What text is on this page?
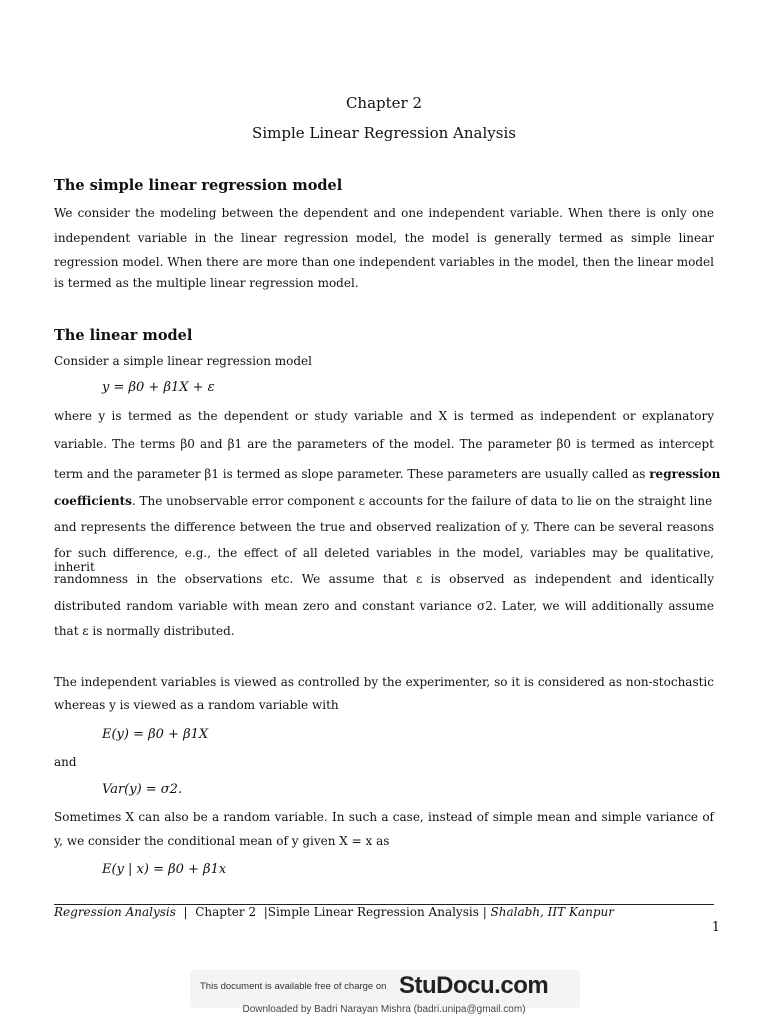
Chapter 2
Simple Linear Regression Analysis
The simple linear regression model
We consider the modeling between the dependent and one independent variable. When there is only one independent variable in the linear regression model, the model is generally termed as simple linear regression model. When there are more than one independent variables in the model, then the linear model
is termed as the multiple linear regression model.
The linear model
Consider a simple linear regression model
y = β0 + β1X + ε
where y is termed as the dependent or study variable and X is termed as independent or explanatory
variable. The terms β0 and β1 are the parameters of the model. The parameter β0 is termed as intercept
term and the parameter β1 is termed as slope parameter. These parameters are usually called as regression
coefficients. The unobservable error component ε accounts for the failure of data to lie on the straight line
and represents the difference between the true and observed realization of y. There can be several reasons
for such difference, e.g., the effect of all deleted variables in the model, variables may be qualitative, inherit
randomness in the observations etc. We assume that ε is observed as independent and identically
distributed random variable with mean zero and constant variance σ2. Later, we will additionally assume
that ε is normally distributed.
The independent variables is viewed as controlled by the experimenter, so it is considered as non-stochastic
whereas y is viewed as a random variable with
E(y) = β0 + β1X
and
Var(y) = σ2.
Sometimes X can also be a random variable. In such a case, instead of simple mean and simple variance of
y, we consider the conditional mean of y given X = x as
E(y | x) = β0 + β1x
Regression Analysis  |  Chapter 2  |Simple Linear Regression Analysis | Shalabh, IIT Kanpur
1
This document is available free of charge on StuDocu.com
Downloaded by Badri Narayan Mishra (badri.unipa@gmail.com)
